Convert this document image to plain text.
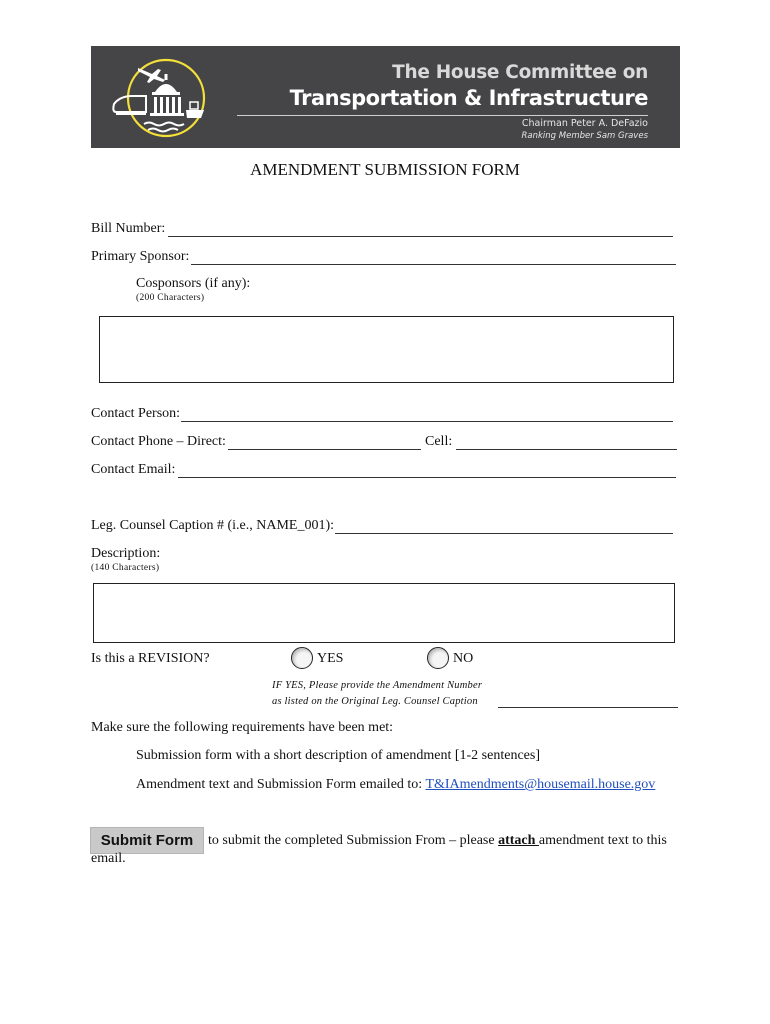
The House Committee on
Transportation & Infrastructure
Chairman Peter A. DeFazio
Ranking Member Sam Graves
AMENDMENT SUBMISSION FORM
Bill Number:
Primary Sponsor:
Cosponsors (if any):
(200 Characters)
Contact Person:
Contact Phone – Direct:	Cell:
Contact Email:
Leg. Counsel Caption # (i.e., NAME_001):
Description:
(140 Characters)
Is this a REVISION?	YES	NO
IF YES, Please provide the Amendment Number
as listed on the Original Leg. Counsel Caption
Make sure the following requirements have been met:
Submission form with a short description of amendment [1-2 sentences]
Amendment text and Submission Form emailed to: T&IAmendments@housemail.house.gov
Submit Form	to submit the completed Submission From – please attach amendment text to this
email.
